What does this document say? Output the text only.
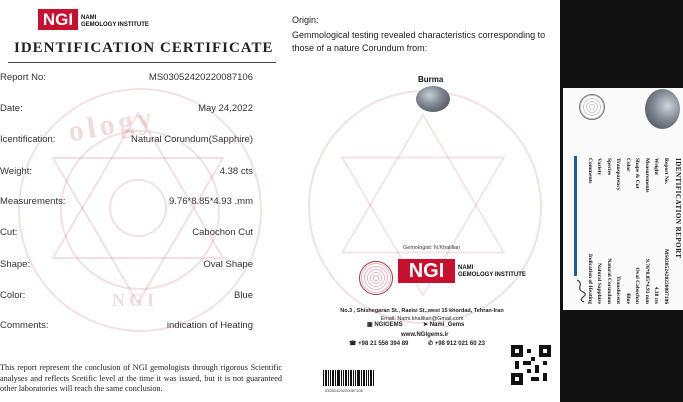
ology
NGI
NGI	NAMI
GEMOLOGY INSTITUTE
IDENTIFICATION CERTIFICATE
Report No:	MS03052420220087106
Date:	May 24,2022
Icentification:	Natural Corundum(Sapphire)
Weight:	4.38 cts
Measurements:	9.76*8.85*4.93 .mm
Cut:	Cabochon Cut
Shape:	Oval Shape
Color:	Blue
Comments:	indication of Heating
This report represent the conclusion of NGI gemologists through rigorous Scientific analyses and reflects Scetific level at the time it was issued, but it is not guaranteed other laboratories will reach the same conclusion.
Origin:
Gemmological testing revealed characteristics corresponding to those of a nature Corundum from:
Burma
Gemologist: N.Khalilian
NGI	NAMI
GEMOLOGY INSTITUTE
No.3 , Shishegaran St., Raeisi St.,west 15 khordad, Tehran-Iran
Email: Nami.khalilian@Gmail.com
▣ NGIGEMS	➤ Nami_Gems
www.NGIgems.ir
☎ +98 21 556 394 89	✆ +98 912 021 60 23
03052420220087106
IDENTIFICATION REPORT
Report No.
MS03052420220087106
Weight
4.38 cts
Measurements
9.76*8.85*4.93 mm
Shape & Cut
Oval Cabochon
Color
Blue
Transparency
Translucent
Species
Natural Corundum
Variety
Natural Sapphire
Comments
Indication of Heating
